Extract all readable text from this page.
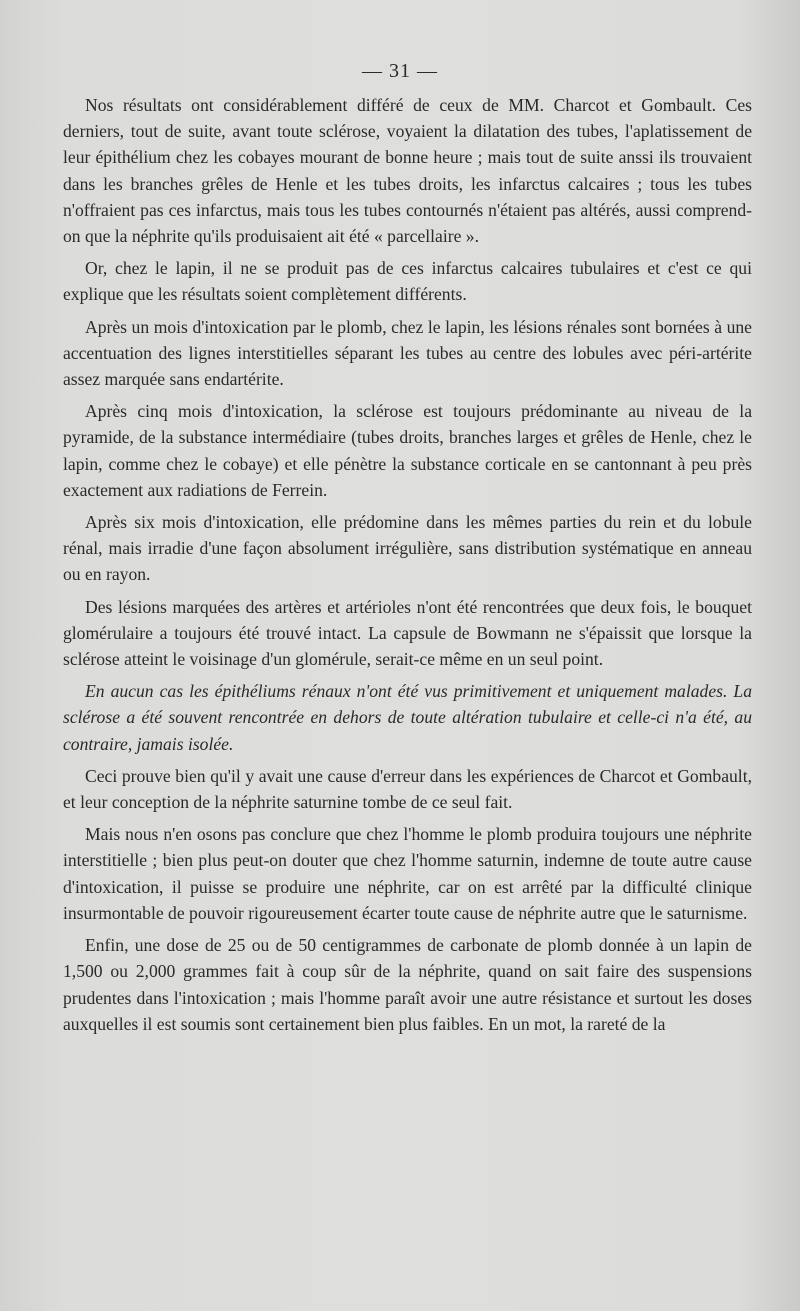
— 31 —

Nos résultats ont considérablement différé de ceux de MM. Charcot et Gombault. Ces derniers, tout de suite, avant toute sclérose, voyaient la dilatation des tubes, l'aplatissement de leur épithélium chez les cobayes mourant de bonne heure ; mais tout de suite anssi ils trouvaient dans les branches grêles de Henle et les tubes droits, les infarctus calcaires ; tous les tubes n'offraient pas ces infarctus, mais tous les tubes contournés n'étaient pas altérés, aussi comprend-on que la néphrite qu'ils produisaient ait été « parcellaire ».

Or, chez le lapin, il ne se produit pas de ces infarctus calcaires tubulaires et c'est ce qui explique que les résultats soient complètement différents.

Après un mois d'intoxication par le plomb, chez le lapin, les lésions rénales sont bornées à une accentuation des lignes interstitielles séparant les tubes au centre des lobules avec péri-artérite assez marquée sans endartérite.

Après cinq mois d'intoxication, la sclérose est toujours prédominante au niveau de la pyramide, de la substance intermédiaire (tubes droits, branches larges et grêles de Henle, chez le lapin, comme chez le cobaye) et elle pénètre la substance corticale en se cantonnant à peu près exactement aux radiations de Ferrein.

Après six mois d'intoxication, elle prédomine dans les mêmes parties du rein et du lobule rénal, mais irradie d'une façon absolument irrégulière, sans distribution systématique en anneau ou en rayon.

Des lésions marquées des artères et artérioles n'ont été rencontrées que deux fois, le bouquet glomérulaire a toujours été trouvé intact. La capsule de Bowmann ne s'épaissit que lorsque la sclérose atteint le voisinage d'un glomérule, serait-ce même en un seul point.

En aucun cas les épithéliums rénaux n'ont été vus primitivement et uniquement malades. La sclérose a été souvent rencontrée en dehors de toute altération tubulaire et celle-ci n'a été, au contraire, jamais isolée.

Ceci prouve bien qu'il y avait une cause d'erreur dans les expériences de Charcot et Gombault, et leur conception de la néphrite saturnine tombe de ce seul fait.

Mais nous n'en osons pas conclure que chez l'homme le plomb produira toujours une néphrite interstitielle ; bien plus peut-on douter que chez l'homme saturnin, indemne de toute autre cause d'intoxication, il puisse se produire une néphrite, car on est arrêté par la difficulté clinique insurmontable de pouvoir rigoureusement écarter toute cause de néphrite autre que le saturnisme.

Enfin, une dose de 25 ou de 50 centigrammes de carbonate de plomb donnée à un lapin de 1,500 ou 2,000 grammes fait à coup sûr de la néphrite, quand on sait faire des suspensions prudentes dans l'intoxication ; mais l'homme paraît avoir une autre résistance et surtout les doses auxquelles il est soumis sont certainement bien plus faibles. En un mot, la rareté de la
